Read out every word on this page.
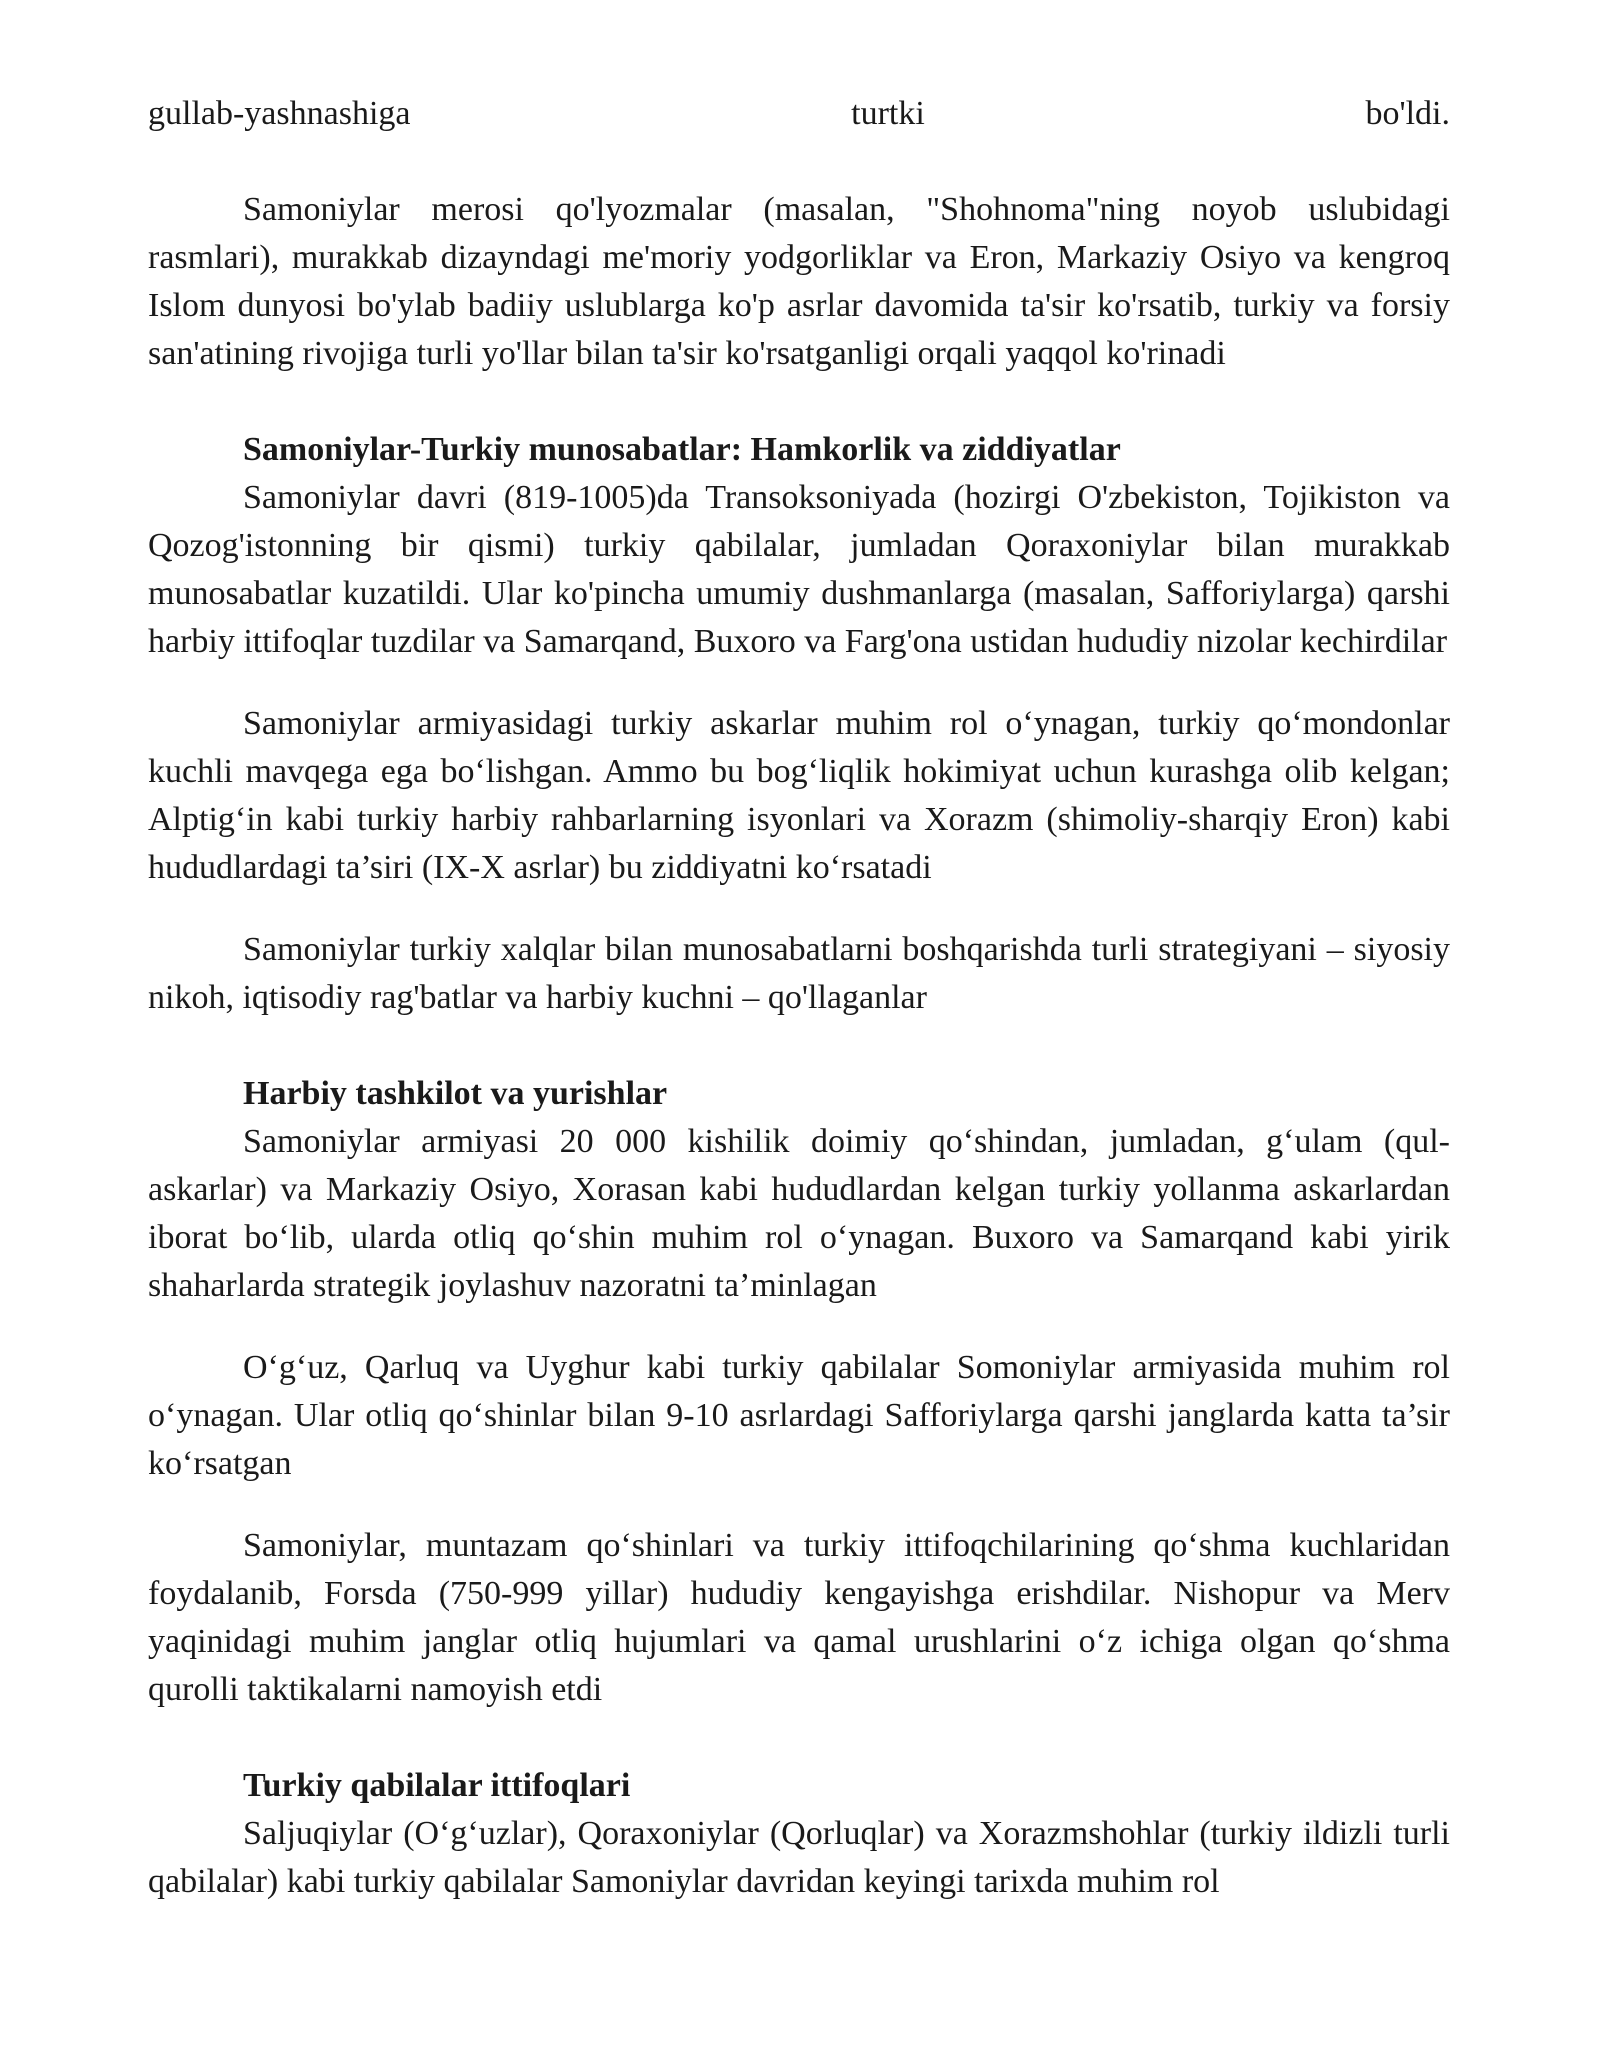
gullab-yashnashiga	turtki	bo'ldi.

Samoniylar merosi qo'lyozmalar (masalan, "Shohnoma"ning noyob uslubidagi rasmlari), murakkab dizayndagi me'moriy yodgorliklar va Eron, Markaziy Osiyo va kengroq Islom dunyosi bo'ylab badiiy uslublarga ko'p asrlar davomida ta'sir ko'rsatib, turkiy va forsiy san'atining rivojiga turli yo'llar bilan ta'sir ko'rsatganligi orqali yaqqol ko'rinadi

Samoniylar-Turkiy munosabatlar: Hamkorlik va ziddiyatlar

Samoniylar davri (819-1005)da Transoksoniyada (hozirgi O'zbekiston, Tojikiston va Qozog'istonning bir qismi) turkiy qabilalar, jumladan Qoraxoniylar bilan murakkab munosabatlar kuzatildi. Ular ko'pincha umumiy dushmanlarga (masalan, Safforiylarga) qarshi harbiy ittifoqlar tuzdilar va Samarqand, Buxoro va Farg'ona ustidan hududiy nizolar kechirdilar

Samoniylar armiyasidagi turkiy askarlar muhim rol o‘ynagan, turkiy qo‘mondonlar kuchli mavqega ega bo‘lishgan. Ammo bu bog‘liqlik hokimiyat uchun kurashga olib kelgan; Alptig‘in kabi turkiy harbiy rahbarlarning isyonlari va Xorazm (shimoliy-sharqiy Eron) kabi hududlardagi ta’siri (IX-X asrlar) bu ziddiyatni ko‘rsatadi

Samoniylar turkiy xalqlar bilan munosabatlarni boshqarishda turli strategiyani – siyosiy nikoh, iqtisodiy rag'batlar va harbiy kuchni – qo'llaganlar

Harbiy tashkilot va yurishlar

Samoniylar armiyasi 20 000 kishilik doimiy qo‘shindan, jumladan, g‘ulam (qul-askarlar) va Markaziy Osiyo, Xorasan kabi hududlardan kelgan turkiy yollanma askarlardan iborat bo‘lib, ularda otliq qo‘shin muhim rol o‘ynagan. Buxoro va Samarqand kabi yirik shaharlarda strategik joylashuv nazoratni ta’minlagan

O‘g‘uz, Qarluq va Uyghur kabi turkiy qabilalar Somoniylar armiyasida muhim rol o‘ynagan. Ular otliq qo‘shinlar bilan 9-10 asrlardagi Safforiylarga qarshi janglarda katta ta’sir ko‘rsatgan

Samoniylar, muntazam qo‘shinlari va turkiy ittifoqchilarining qo‘shma kuchlaridan foydalanib, Forsda (750-999 yillar) hududiy kengayishga erishdilar. Nishopur va Merv yaqinidagi muhim janglar otliq hujumlari va qamal urushlarini o‘z ichiga olgan qo‘shma qurolli taktikalarni namoyish etdi

Turkiy qabilalar ittifoqlari

Saljuqiylar (O‘g‘uzlar), Qoraxoniylar (Qorluqlar) va Xorazmshohlar (turkiy ildizli turli qabilalar) kabi turkiy qabilalar Samoniylar davridan keyingi tarixda muhim rol
